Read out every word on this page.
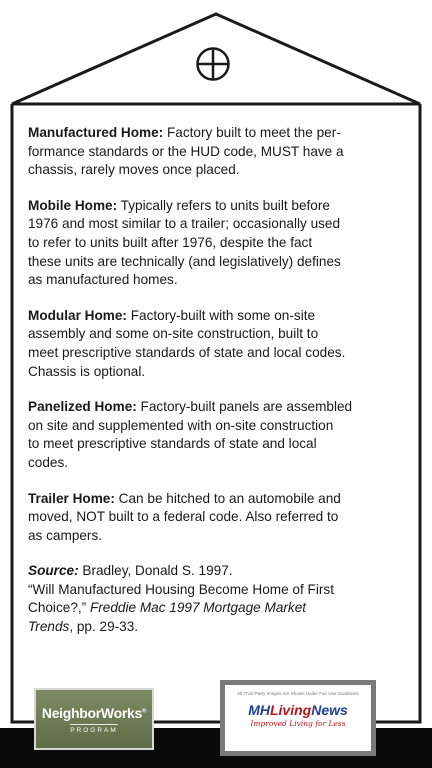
Manufactured Home: Factory built to meet the per-
formance standards or the HUD code, MUST have a
chassis, rarely moves once placed.

Mobile Home: Typically refers to units built before
1976 and most similar to a trailer; occasionally used
to refer to units built after 1976, despite the fact
these units are technically (and legislatively) defines
as manufactured homes.

Modular Home: Factory-built with some on-site
assembly and some on-site construction, built to
meet prescriptive standards of state and local codes.
Chassis is optional.

Panelized Home: Factory-built panels are assembled
on site and supplemented with on-site construction
to meet prescriptive standards of state and local
codes.

Trailer Home: Can be hitched to an automobile and
moved, NOT built to a federal code. Also referred to
as campers.

Source: Bradley, Donald S. 1997.
“Will Manufactured Housing Become Home of First
Choice?,” Freddie Mac 1997 Mortgage Market
Trends, pp. 29-33.

NeighborWorks®
PROGRAM
All Third Party Images Are Shown Under Fair Use Guidelines
MHLivingNews
Improved Living for Less
